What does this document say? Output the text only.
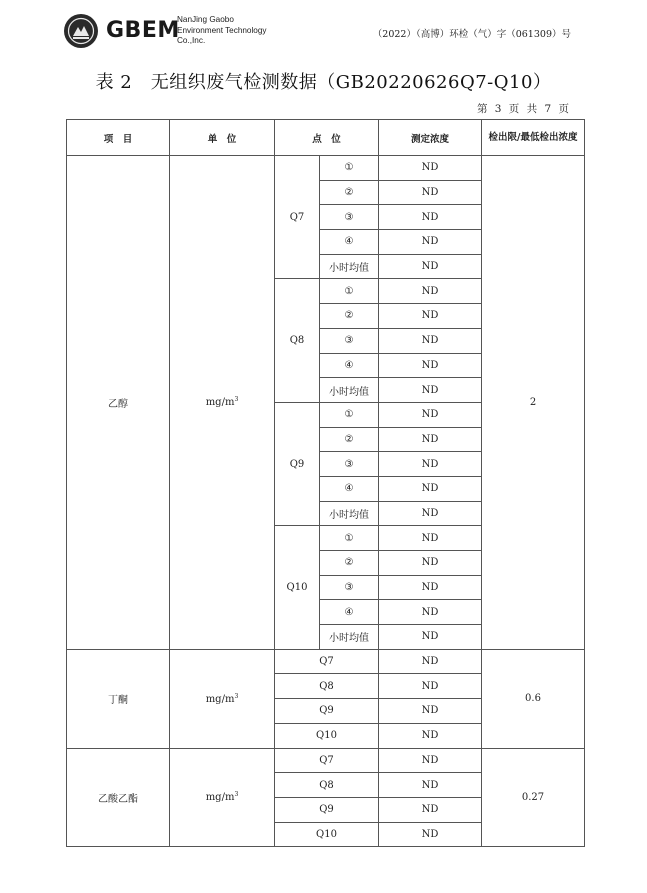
GBEM
NanJing Gaobo
Environment Technology
Co.,Inc.
（2022）（高博）环检（气）字（061309）号
表 2　无组织废气检测数据（GB20220626Q7-Q10）
第 3 页 共 7 页
项　目	单　位	点　位		测定浓度	检出限/最低检出浓度
乙醇	$mg/m^3$	Q7	①	ND	2
			②	ND	
			③	ND	
			④	ND	
			小时均值	ND	
		Q8	①	ND	
			②	ND	
			③	ND	
			④	ND	
			小时均值	ND	
		Q9	①	ND	
			②	ND	
			③	ND	
			④	ND	
			小时均值	ND	
		Q10	①	ND	
			②	ND	
			③	ND	
			④	ND	
			小时均值	ND	
丁酮	$mg/m^3$	Q7		ND	0.6
		Q8		ND	
		Q9		ND	
		Q10		ND	
乙酸乙酯	$mg/m^3$	Q7		ND	0.27
		Q8		ND	
		Q9		ND	
		Q10		ND	
